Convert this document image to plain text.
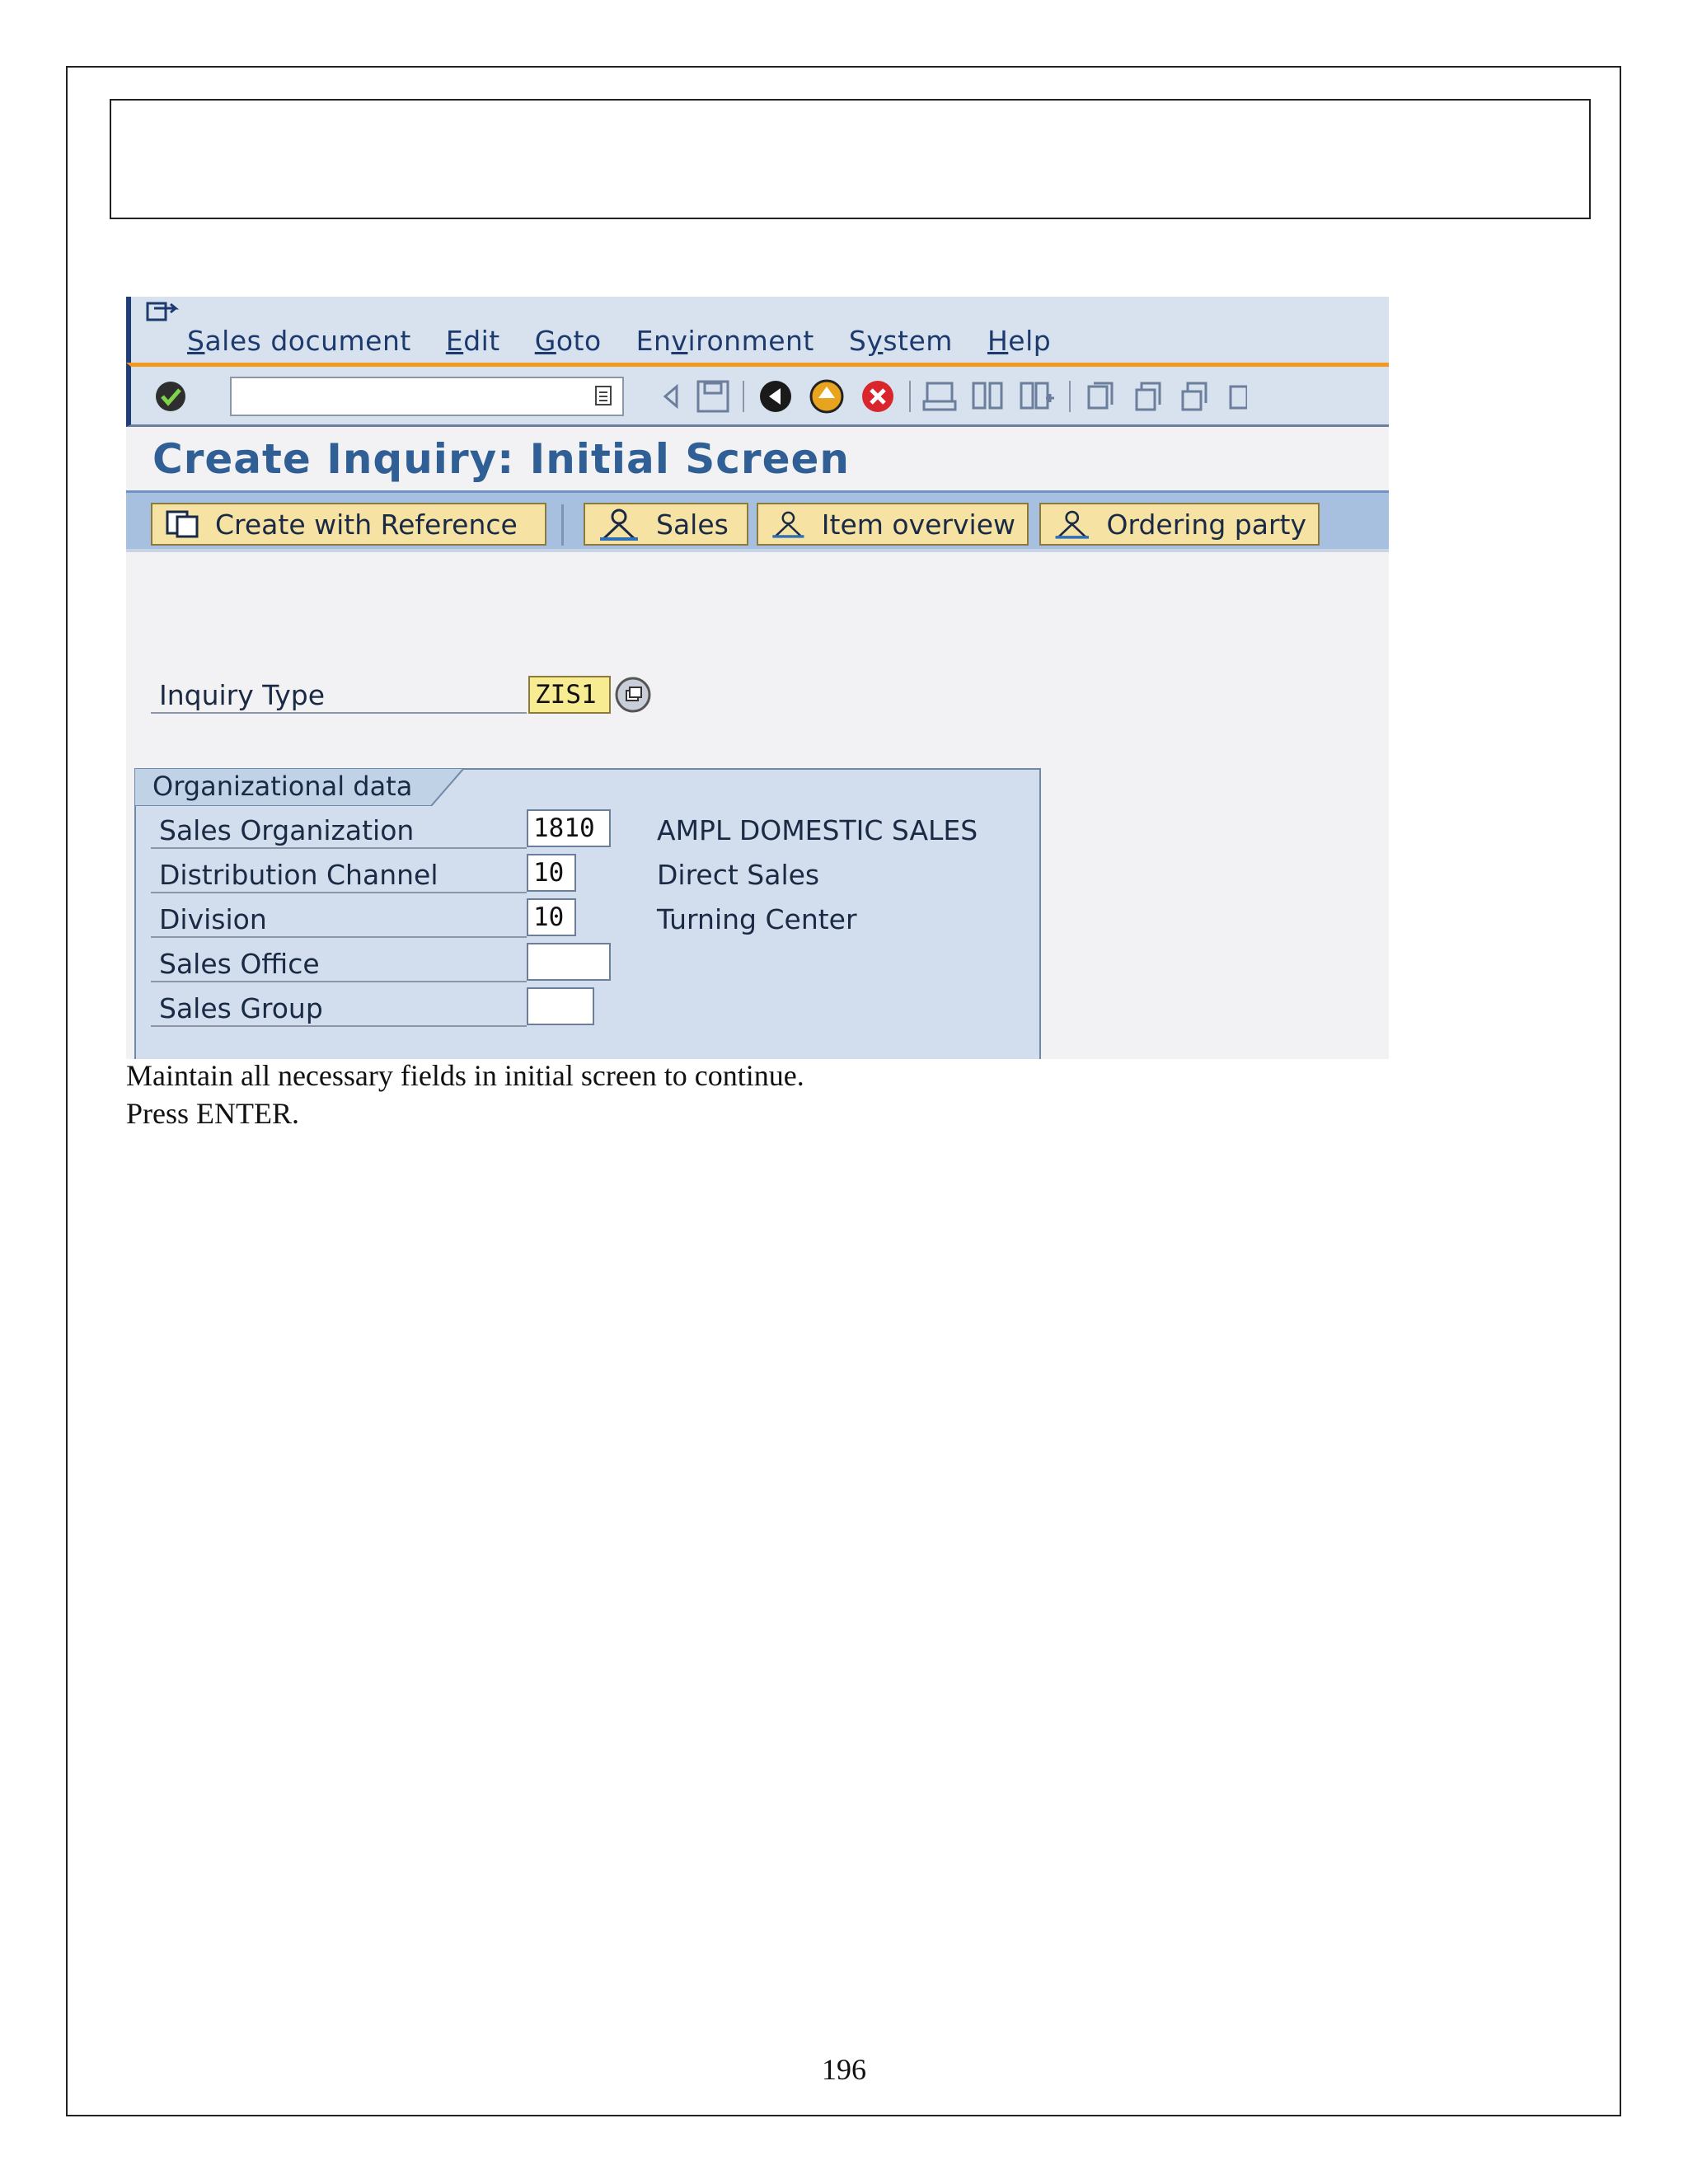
Sales document Edit Goto Environment System Help
Create Inquiry: Initial Screen
Create with Reference	Sales	Item overview	Ordering party
Inquiry Type	ZIS1
Organizational data
Sales Organization	1810	AMPL DOMESTIC SALES
Distribution Channel	10	Direct Sales
Division	10	Turning Center
Sales Office
Sales Group
Maintain all necessary fields in initial screen to continue.
Press ENTER.
196
